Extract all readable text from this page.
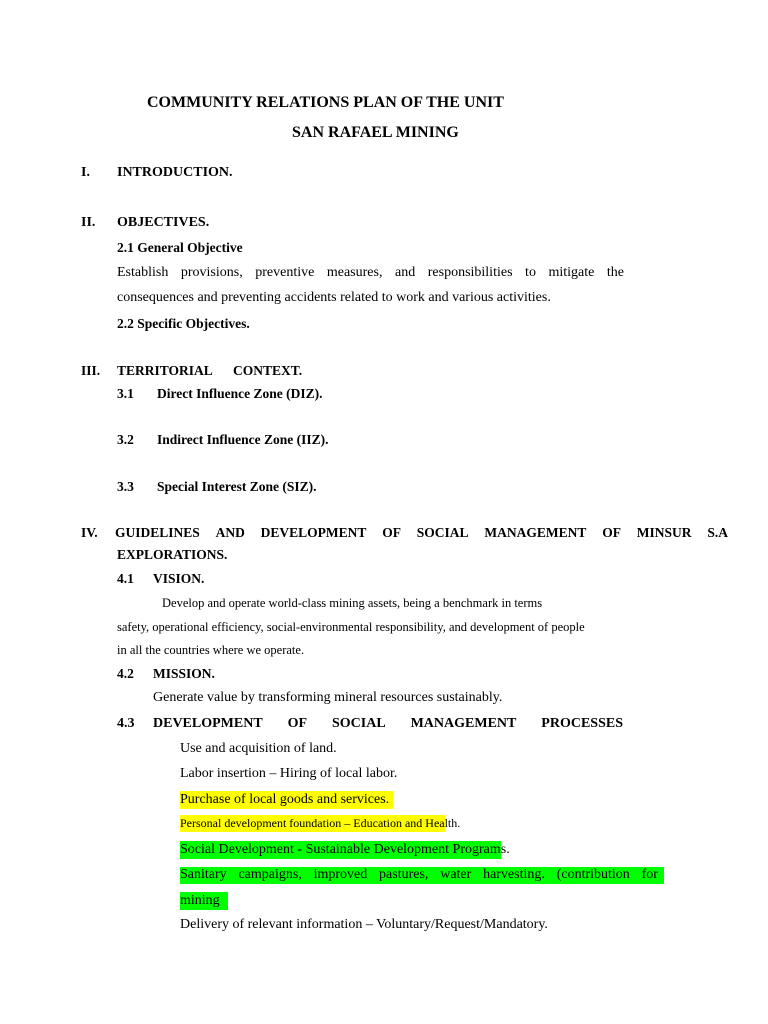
COMMUNITY RELATIONS PLAN OF THE UNIT
SAN RAFAEL MINING
I. INTRODUCTION.
II. OBJECTIVES.
2.1 General Objective
Establish provisions, preventive measures, and responsibilities to mitigate the
consequences and preventing accidents related to work and various activities.
2.2 Specific Objectives.
III. TERRITORIAL CONTEXT.
3.1 Direct Influence Zone (DIZ).
3.2 Indirect Influence Zone (IIZ).
3.3 Special Interest Zone (SIZ).
IV. GUIDELINES AND DEVELOPMENT OF SOCIAL MANAGEMENT OF MINSUR S.A
EXPLORATIONS.
4.1 VISION.
Develop and operate world-class mining assets, being a benchmark in terms
safety, operational efficiency, social-environmental responsibility, and development of people
in all the countries where we operate.
4.2 MISSION.
Generate value by transforming mineral resources sustainably.
4.3 DEVELOPMENT OF SOCIAL MANAGEMENT PROCESSES
Use and acquisition of land.
Labor insertion – Hiring of local labor.
Purchase of local goods and services.
Personal development foundation – Education and Health.
Social Development - Sustainable Development Programs.
Sanitary campaigns, improved pastures, water harvesting. (contribution for
mining
Delivery of relevant information – Voluntary/Request/Mandatory.
